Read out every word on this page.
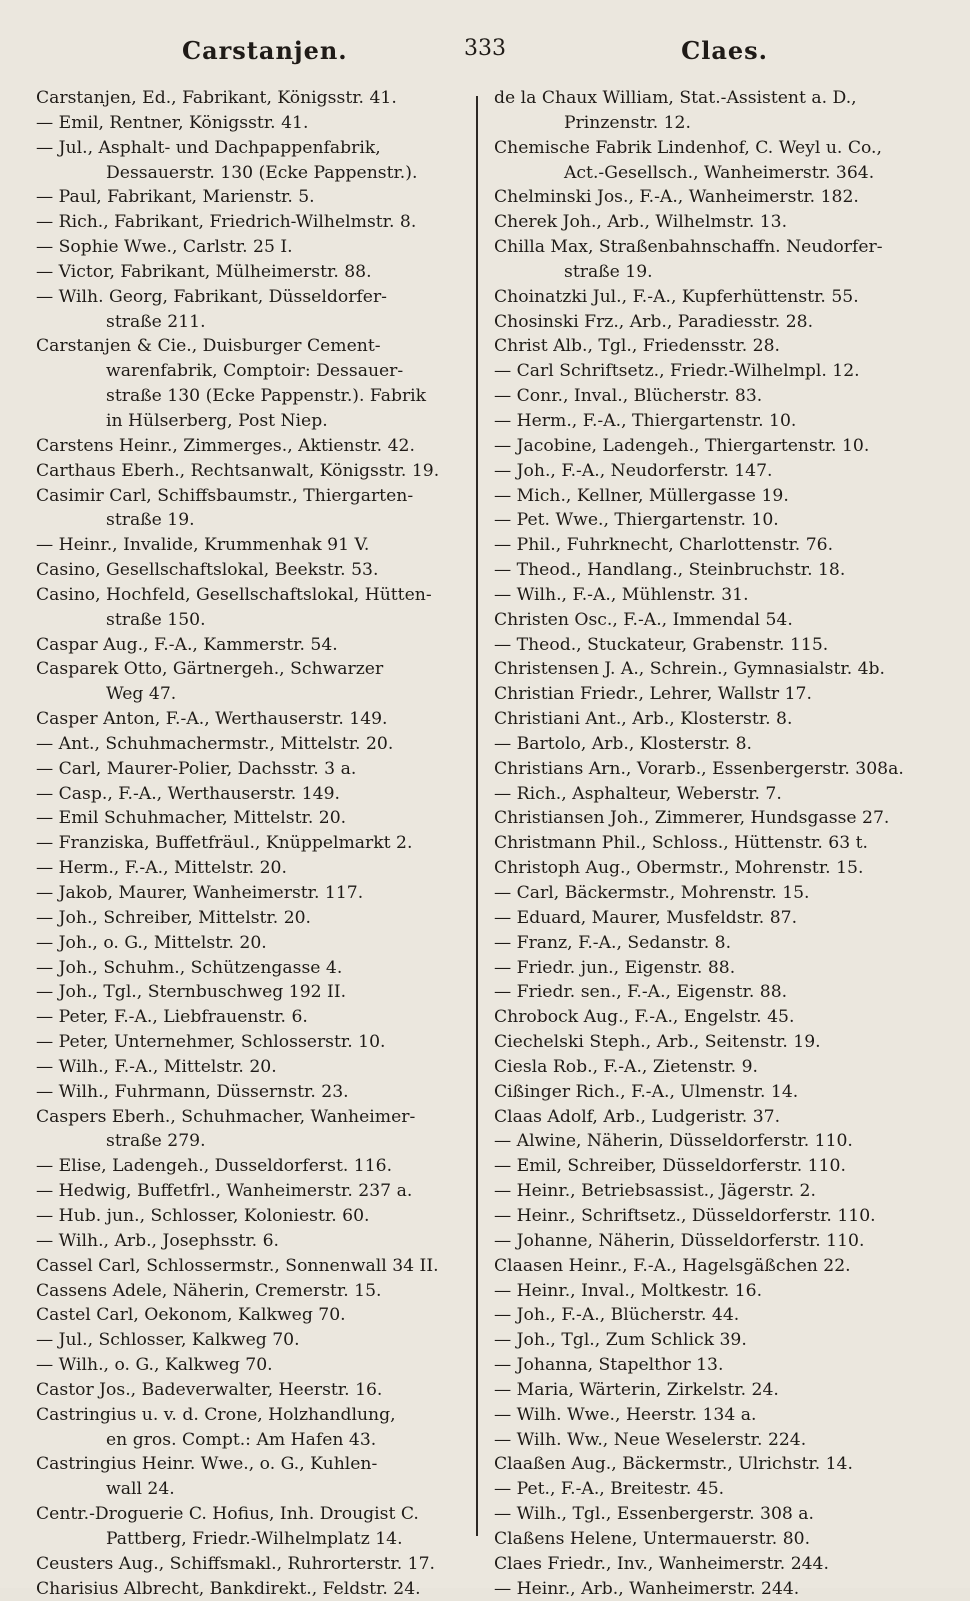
Carstanjen.	333	Claes.
Carstanjen, Ed., Fabrikant, Königsstr. 41.
— Emil, Rentner, Königsstr. 41.
— Jul., Asphalt- und Dachpappenfabrik,
Dessauerstr. 130 (Ecke Pappenstr.).
— Paul, Fabrikant, Marienstr. 5.
— Rich., Fabrikant, Friedrich-Wilhelmstr. 8.
— Sophie Wwe., Carlstr. 25 I.
— Victor, Fabrikant, Mülheimerstr. 88.
— Wilh. Georg, Fabrikant, Düsseldorfer-
straße 211.
Carstanjen & Cie., Duisburger Cement-
warenfabrik, Comptoir: Dessauer-
straße 130 (Ecke Pappenstr.). Fabrik
in Hülserberg, Post Niep.
Carstens Heinr., Zimmerges., Aktienstr. 42.
Carthaus Eberh., Rechtsanwalt, Königsstr. 19.
Casimir Carl, Schiffsbaumstr., Thiergarten-
straße 19.
— Heinr., Invalide, Krummenhak 91 V.
Casino, Gesellschaftslokal, Beekstr. 53.
Casino, Hochfeld, Gesellschaftslokal, Hütten-
straße 150.
Caspar Aug., F.-A., Kammerstr. 54.
Casparek Otto, Gärtnergeh., Schwarzer
Weg 47.
Casper Anton, F.-A., Werthauserstr. 149.
— Ant., Schuhmachermstr., Mittelstr. 20.
— Carl, Maurer-Polier, Dachsstr. 3 a.
— Casp., F.-A., Werthauserstr. 149.
— Emil Schuhmacher, Mittelstr. 20.
— Franziska, Buffetfräul., Knüppelmarkt 2.
— Herm., F.-A., Mittelstr. 20.
— Jakob, Maurer, Wanheimerstr. 117.
— Joh., Schreiber, Mittelstr. 20.
— Joh., o. G., Mittelstr. 20.
— Joh., Schuhm., Schützengasse 4.
— Joh., Tgl., Sternbuschweg 192 II.
— Peter, F.-A., Liebfrauenstr. 6.
— Peter, Unternehmer, Schlosserstr. 10.
— Wilh., F.-A., Mittelstr. 20.
— Wilh., Fuhrmann, Düssernstr. 23.
Caspers Eberh., Schuhmacher, Wanheimer-
straße 279.
— Elise, Ladengeh., Dusseldorferst. 116.
— Hedwig, Buffetfrl., Wanheimerstr. 237 a.
— Hub. jun., Schlosser, Koloniestr. 60.
— Wilh., Arb., Josephsstr. 6.
Cassel Carl, Schlossermstr., Sonnenwall 34 II.
Cassens Adele, Näherin, Cremerstr. 15.
Castel Carl, Oekonom, Kalkweg 70.
— Jul., Schlosser, Kalkweg 70.
— Wilh., o. G., Kalkweg 70.
Castor Jos., Badeverwalter, Heerstr. 16.
Castringius u. v. d. Crone, Holzhandlung,
en gros. Compt.: Am Hafen 43.
Castringius Heinr. Wwe., o. G., Kuhlen-
wall 24.
Centr.-Droguerie C. Hofius, Inh. Drougist C.
Pattberg, Friedr.-Wilhelmplatz 14.
Ceusters Aug., Schiffsmakl., Ruhrorterstr. 17.
Charisius Albrecht, Bankdirekt., Feldstr. 24.
de la Chaux William, Stat.-Assistent a. D.,
Prinzenstr. 12.
Chemische Fabrik Lindenhof, C. Weyl u. Co.,
Act.-Gesellsch., Wanheimerstr. 364.
Chelminski Jos., F.-A., Wanheimerstr. 182.
Cherek Joh., Arb., Wilhelmstr. 13.
Chilla Max, Straßenbahnschaffn. Neudorfer-
straße 19.
Choinatzki Jul., F.-A., Kupferhüttenstr. 55.
Chosinski Frz., Arb., Paradiesstr. 28.
Christ Alb., Tgl., Friedensstr. 28.
— Carl Schriftsetz., Friedr.-Wilhelmpl. 12.
— Conr., Inval., Blücherstr. 83.
— Herm., F.-A., Thiergartenstr. 10.
— Jacobine, Ladengeh., Thiergartenstr. 10.
— Joh., F.-A., Neudorferstr. 147.
— Mich., Kellner, Müllergasse 19.
— Pet. Wwe., Thiergartenstr. 10.
— Phil., Fuhrknecht, Charlottenstr. 76.
— Theod., Handlang., Steinbruchstr. 18.
— Wilh., F.-A., Mühlenstr. 31.
Christen Osc., F.-A., Immendal 54.
— Theod., Stuckateur, Grabenstr. 115.
Christensen J. A., Schrein., Gymnasialstr. 4b.
Christian Friedr., Lehrer, Wallstr 17.
Christiani Ant., Arb., Klosterstr. 8.
— Bartolo, Arb., Klosterstr. 8.
Christians Arn., Vorarb., Essenbergerstr. 308a.
— Rich., Asphalteur, Weberstr. 7.
Christiansen Joh., Zimmerer, Hundsgasse 27.
Christmann Phil., Schloss., Hüttenstr. 63 t.
Christoph Aug., Obermstr., Mohrenstr. 15.
— Carl, Bäckermstr., Mohrenstr. 15.
— Eduard, Maurer, Musfeldstr. 87.
— Franz, F.-A., Sedanstr. 8.
— Friedr. jun., Eigenstr. 88.
— Friedr. sen., F.-A., Eigenstr. 88.
Chrobock Aug., F.-A., Engelstr. 45.
Ciechelski Steph., Arb., Seitenstr. 19.
Ciesla Rob., F.-A., Zietenstr. 9.
Cißinger Rich., F.-A., Ulmenstr. 14.
Claas Adolf, Arb., Ludgeristr. 37.
— Alwine, Näherin, Düsseldorferstr. 110.
— Emil, Schreiber, Düsseldorferstr. 110.
— Heinr., Betriebsassist., Jägerstr. 2.
— Heinr., Schriftsetz., Düsseldorferstr. 110.
— Johanne, Näherin, Düsseldorferstr. 110.
Claasen Heinr., F.-A., Hagelsgäßchen 22.
— Heinr., Inval., Moltkestr. 16.
— Joh., F.-A., Blücherstr. 44.
— Joh., Tgl., Zum Schlick 39.
— Johanna, Stapelthor 13.
— Maria, Wärterin, Zirkelstr. 24.
— Wilh. Wwe., Heerstr. 134 a.
— Wilh. Ww., Neue Weselerstr. 224.
Claaßen Aug., Bäckermstr., Ulrichstr. 14.
— Pet., F.-A., Breitestr. 45.
— Wilh., Tgl., Essenbergerstr. 308 a.
Claßens Helene, Untermauerstr. 80.
Claes Friedr., Inv., Wanheimerstr. 244.
— Heinr., Arb., Wanheimerstr. 244.
